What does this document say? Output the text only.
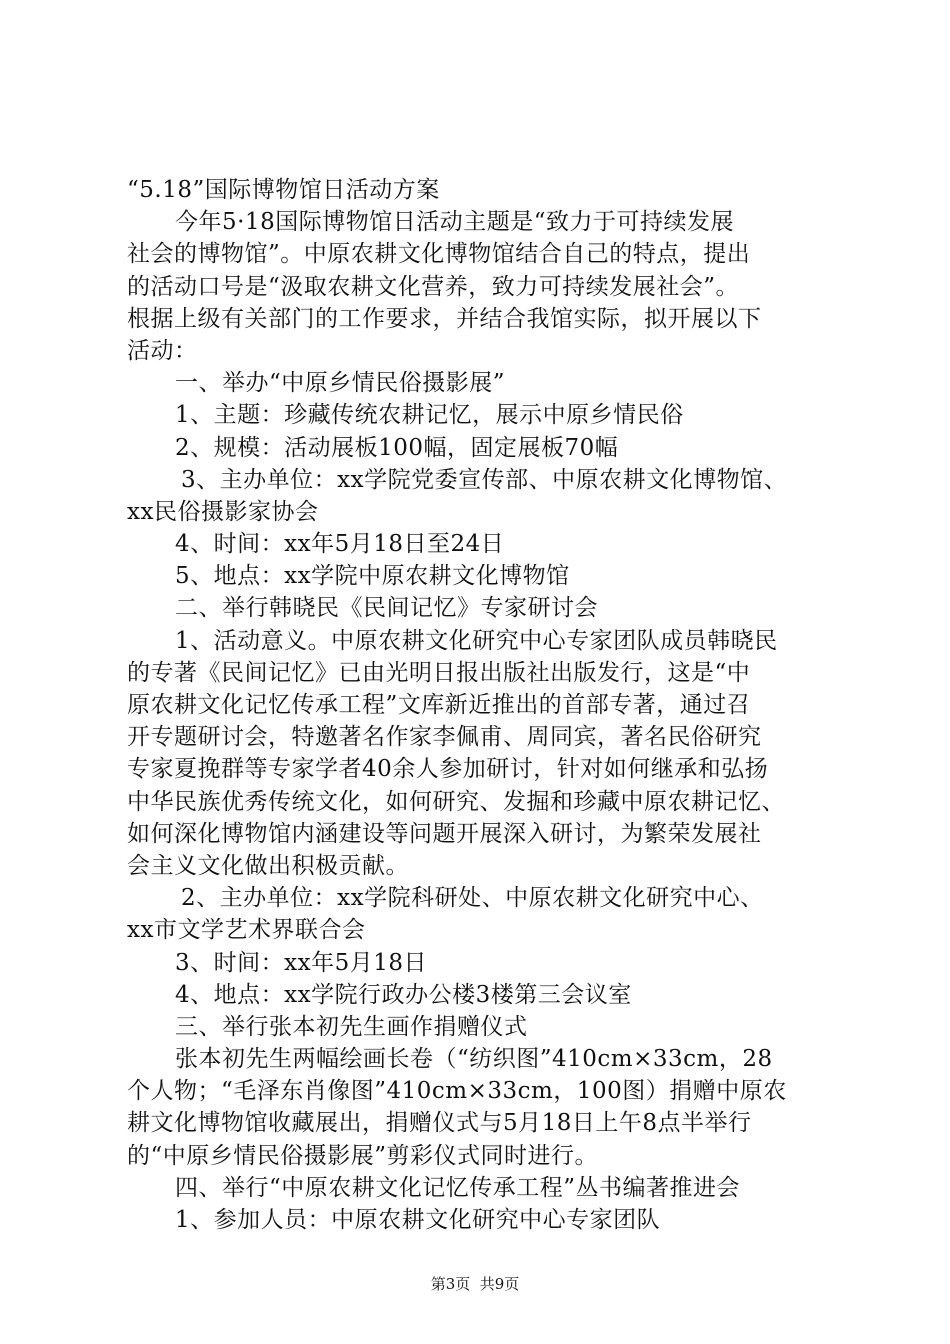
“5.18”国际博物馆日活动方案
今年5·18国际博物馆日活动主题是“致力于可持续发展
社会的博物馆”。中原农耕文化博物馆结合自己的特点，提出
的活动口号是“汲取农耕文化营养，致力可持续发展社会”。
根据上级有关部门的工作要求，并结合我馆实际，拟开展以下
活动：
一、举办“中原乡情民俗摄影展”
1、主题：珍藏传统农耕记忆，展示中原乡情民俗
2、规模：活动展板100幅，固定展板70幅
3、主办单位：xx学院党委宣传部、中原农耕文化博物馆、
xx民俗摄影家协会
4、时间：xx年5月18日至24日
5、地点：xx学院中原农耕文化博物馆
二、举行韩晓民《民间记忆》专家研讨会
1、活动意义。中原农耕文化研究中心专家团队成员韩晓民
的专著《民间记忆》已由光明日报出版社出版发行，这是“中
原农耕文化记忆传承工程”文库新近推出的首部专著，通过召
开专题研讨会，特邀著名作家李佩甫、周同宾，著名民俗研究
专家夏挽群等专家学者40余人参加研讨，针对如何继承和弘扬
中华民族优秀传统文化，如何研究、发掘和珍藏中原农耕记忆、
如何深化博物馆内涵建设等问题开展深入研讨，为繁荣发展社
会主义文化做出积极贡献。
2、主办单位：xx学院科研处、中原农耕文化研究中心、
xx市文学艺术界联合会
3、时间：xx年5月18日
4、地点：xx学院行政办公楼3楼第三会议室
三、举行张本初先生画作捐赠仪式
张本初先生两幅绘画长卷（“纺织图”410cm×33cm，28
个人物；“毛泽东肖像图”410cm×33cm，100图）捐赠中原农
耕文化博物馆收藏展出，捐赠仪式与5月18日上午8点半举行
的“中原乡情民俗摄影展”剪彩仪式同时进行。
四、举行“中原农耕文化记忆传承工程”丛书编著推进会
1、参加人员：中原农耕文化研究中心专家团队
第3页  共9页
